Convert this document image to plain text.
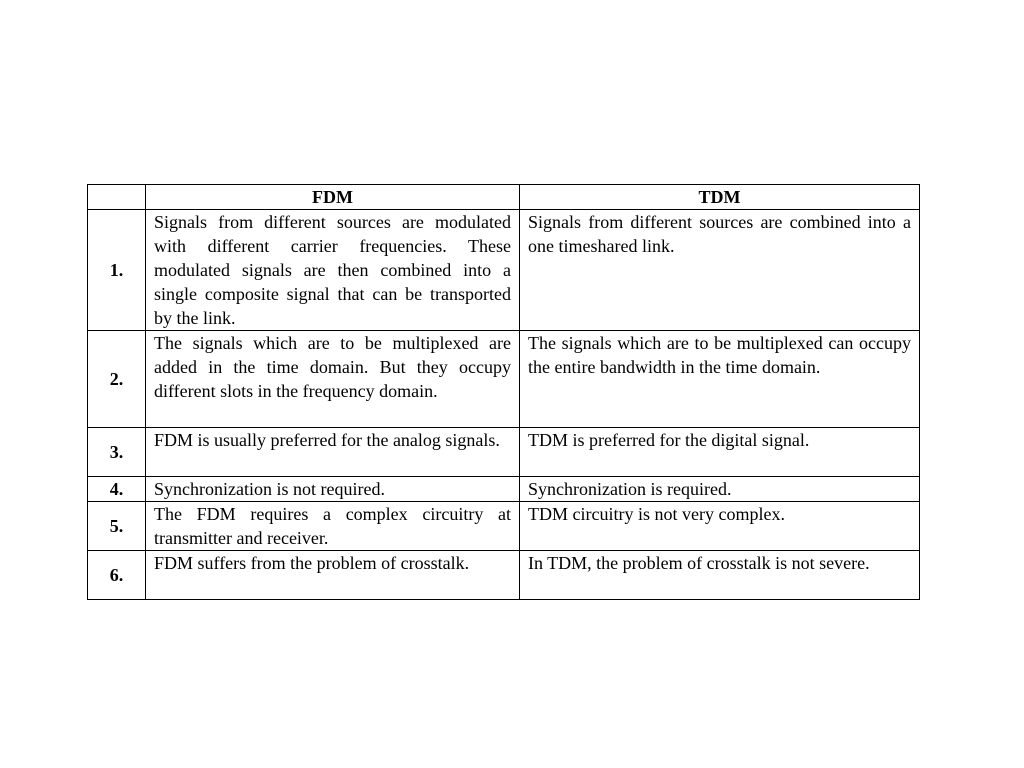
	FDM	TDM
1.	Signals from different sources are modulated with different carrier frequencies. These modulated signals are then combined into a single composite signal that can be transported by the link.	Signals from different sources are combined into a one timeshared link.
2.	The signals which are to be multiplexed are added in the time domain. But they occupy different slots in the frequency domain.	The signals which are to be multiplexed can occupy the entire bandwidth in the time domain.
3.	FDM is usually preferred for the analog signals.	TDM is preferred for the digital signal.
4.	Synchronization is not required.	Synchronization is required.
5.	The FDM requires a complex circuitry at transmitter and receiver.	TDM circuitry is not very complex.
6.	FDM suffers from the problem of crosstalk.	In TDM, the problem of crosstalk is not severe.
